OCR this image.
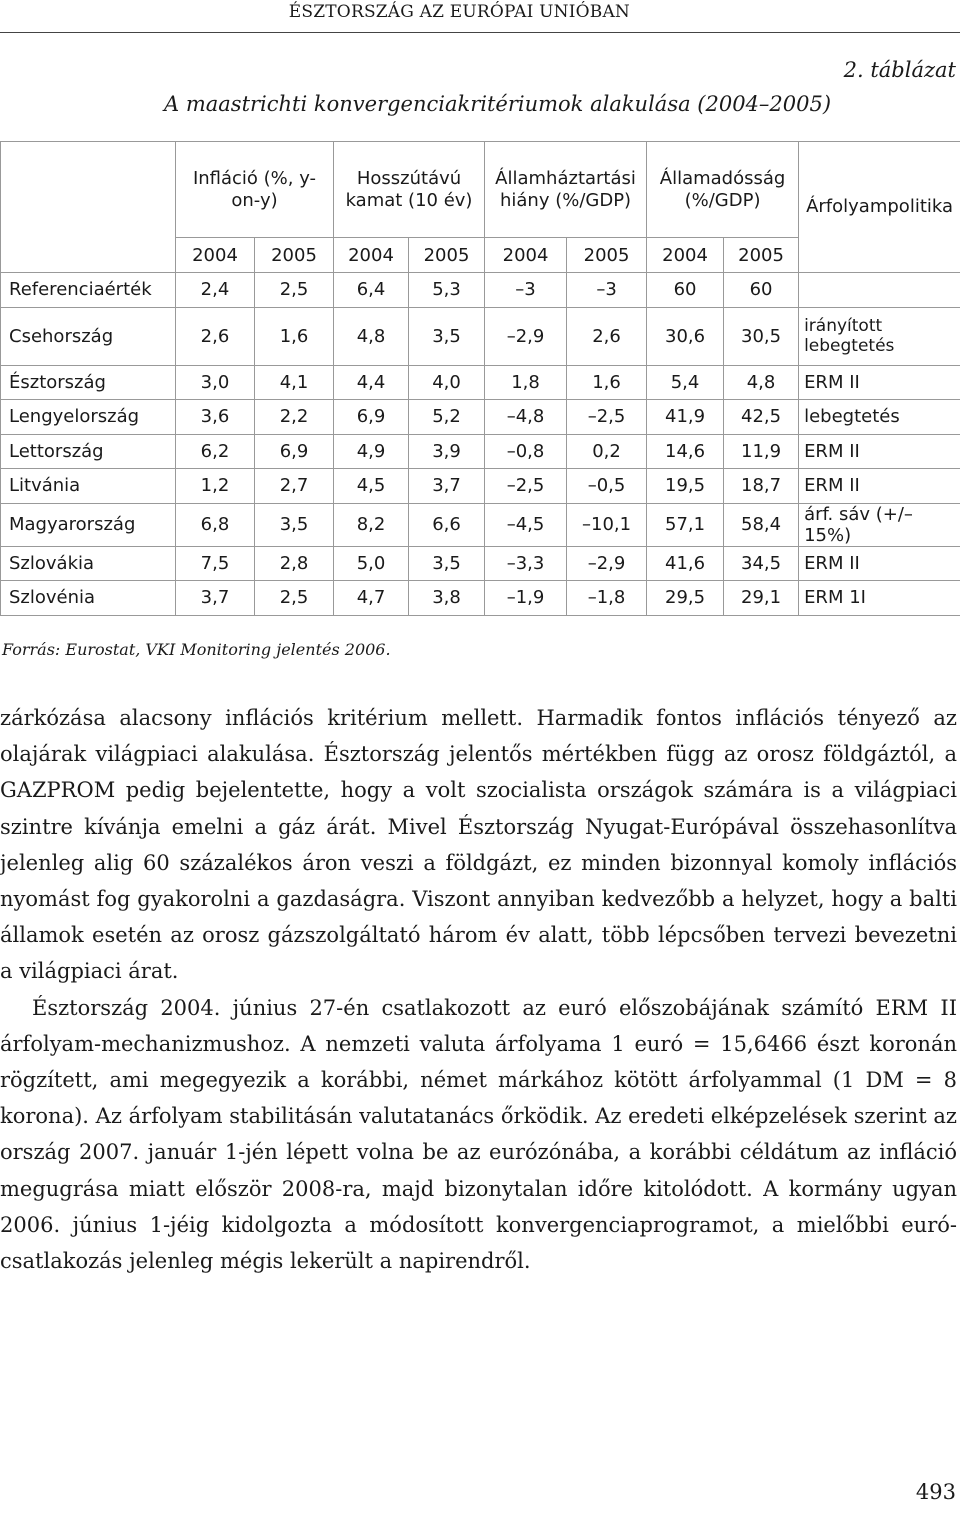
ÉSZTORSZÁG AZ EURÓPAI UNIÓBAN
2. táblázat
A maastrichti konvergenciakritériumok alakulása (2004–2005)
	Infláció (%, y-on-y)		Hosszútávú kamat (10 év)		Államháztartási hiány (%/GDP)		Államadósság (%/GDP)		Árfolyampolitika
	2004	2005	2004	2005	2004	2005	2004	2005	
Referenciaérték	2,4	2,5	6,4	5,3	–3	–3	60	60	
Csehország	2,6	1,6	4,8	3,5	–2,9	2,6	30,6	30,5	irányított lebegtetés
Észtország	3,0	4,1	4,4	4,0	1,8	1,6	5,4	4,8	ERM II
Lengyelország	3,6	2,2	6,9	5,2	–4,8	–2,5	41,9	42,5	lebegtetés
Lettország	6,2	6,9	4,9	3,9	–0,8	0,2	14,6	11,9	ERM II
Litvánia	1,2	2,7	4,5	3,7	–2,5	–0,5	19,5	18,7	ERM II
Magyarország	6,8	3,5	8,2	6,6	–4,5	–10,1	57,1	58,4	árf. sáv (+/– 15%)
Szlovákia	7,5	2,8	5,0	3,5	–3,3	–2,9	41,6	34,5	ERM II
Szlovénia	3,7	2,5	4,7	3,8	–1,9	–1,8	29,5	29,1	ERM 1I
Forrás: Eurostat, VKI Monitoring jelentés 2006.

zárkózása alacsony inflációs kritérium mellett. Harmadik fontos inflációs tényező az olajárak világpiaci alakulása. Észtország jelentős mértékben függ az orosz földgáztól, a GAZPROM pedig bejelentette, hogy a volt szocialista országok számára is a világpiaci szintre kívánja emelni a gáz árát. Mivel Észtország Nyugat-Európával összehasonlítva jelenleg alig 60 százalékos áron veszi a földgázt, ez minden bizonnyal komoly inflációs nyomást fog gyakorolni a gazdaságra. Viszont annyiban kedvezőbb a helyzet, hogy a balti államok esetén az orosz gázszolgáltató három év alatt, több lépcsőben tervezi bevezetni a világpiaci árat.

Észtország 2004. június 27-én csatlakozott az euró előszobájának számító ERM II árfolyam-mechanizmushoz. A nemzeti valuta árfolyama 1 euró = 15,6466 észt koronán rögzített, ami megegyezik a korábbi, német márkához kötött árfolyammal (1 DM = 8 korona). Az árfolyam stabilitásán valutatanács őrködik. Az eredeti elképzelések szerint az ország 2007. január 1-jén lépett volna be az eurózónába, a korábbi céldátum az infláció megugrása miatt először 2008-ra, majd bizonytalan időre kitolódott. A kormány ugyan 2006. június 1-jéig kidolgozta a módosított konvergenciaprogramot, a mielőbbi eurócsatlakozás jelenleg mégis lekerült a napirendről.

493
